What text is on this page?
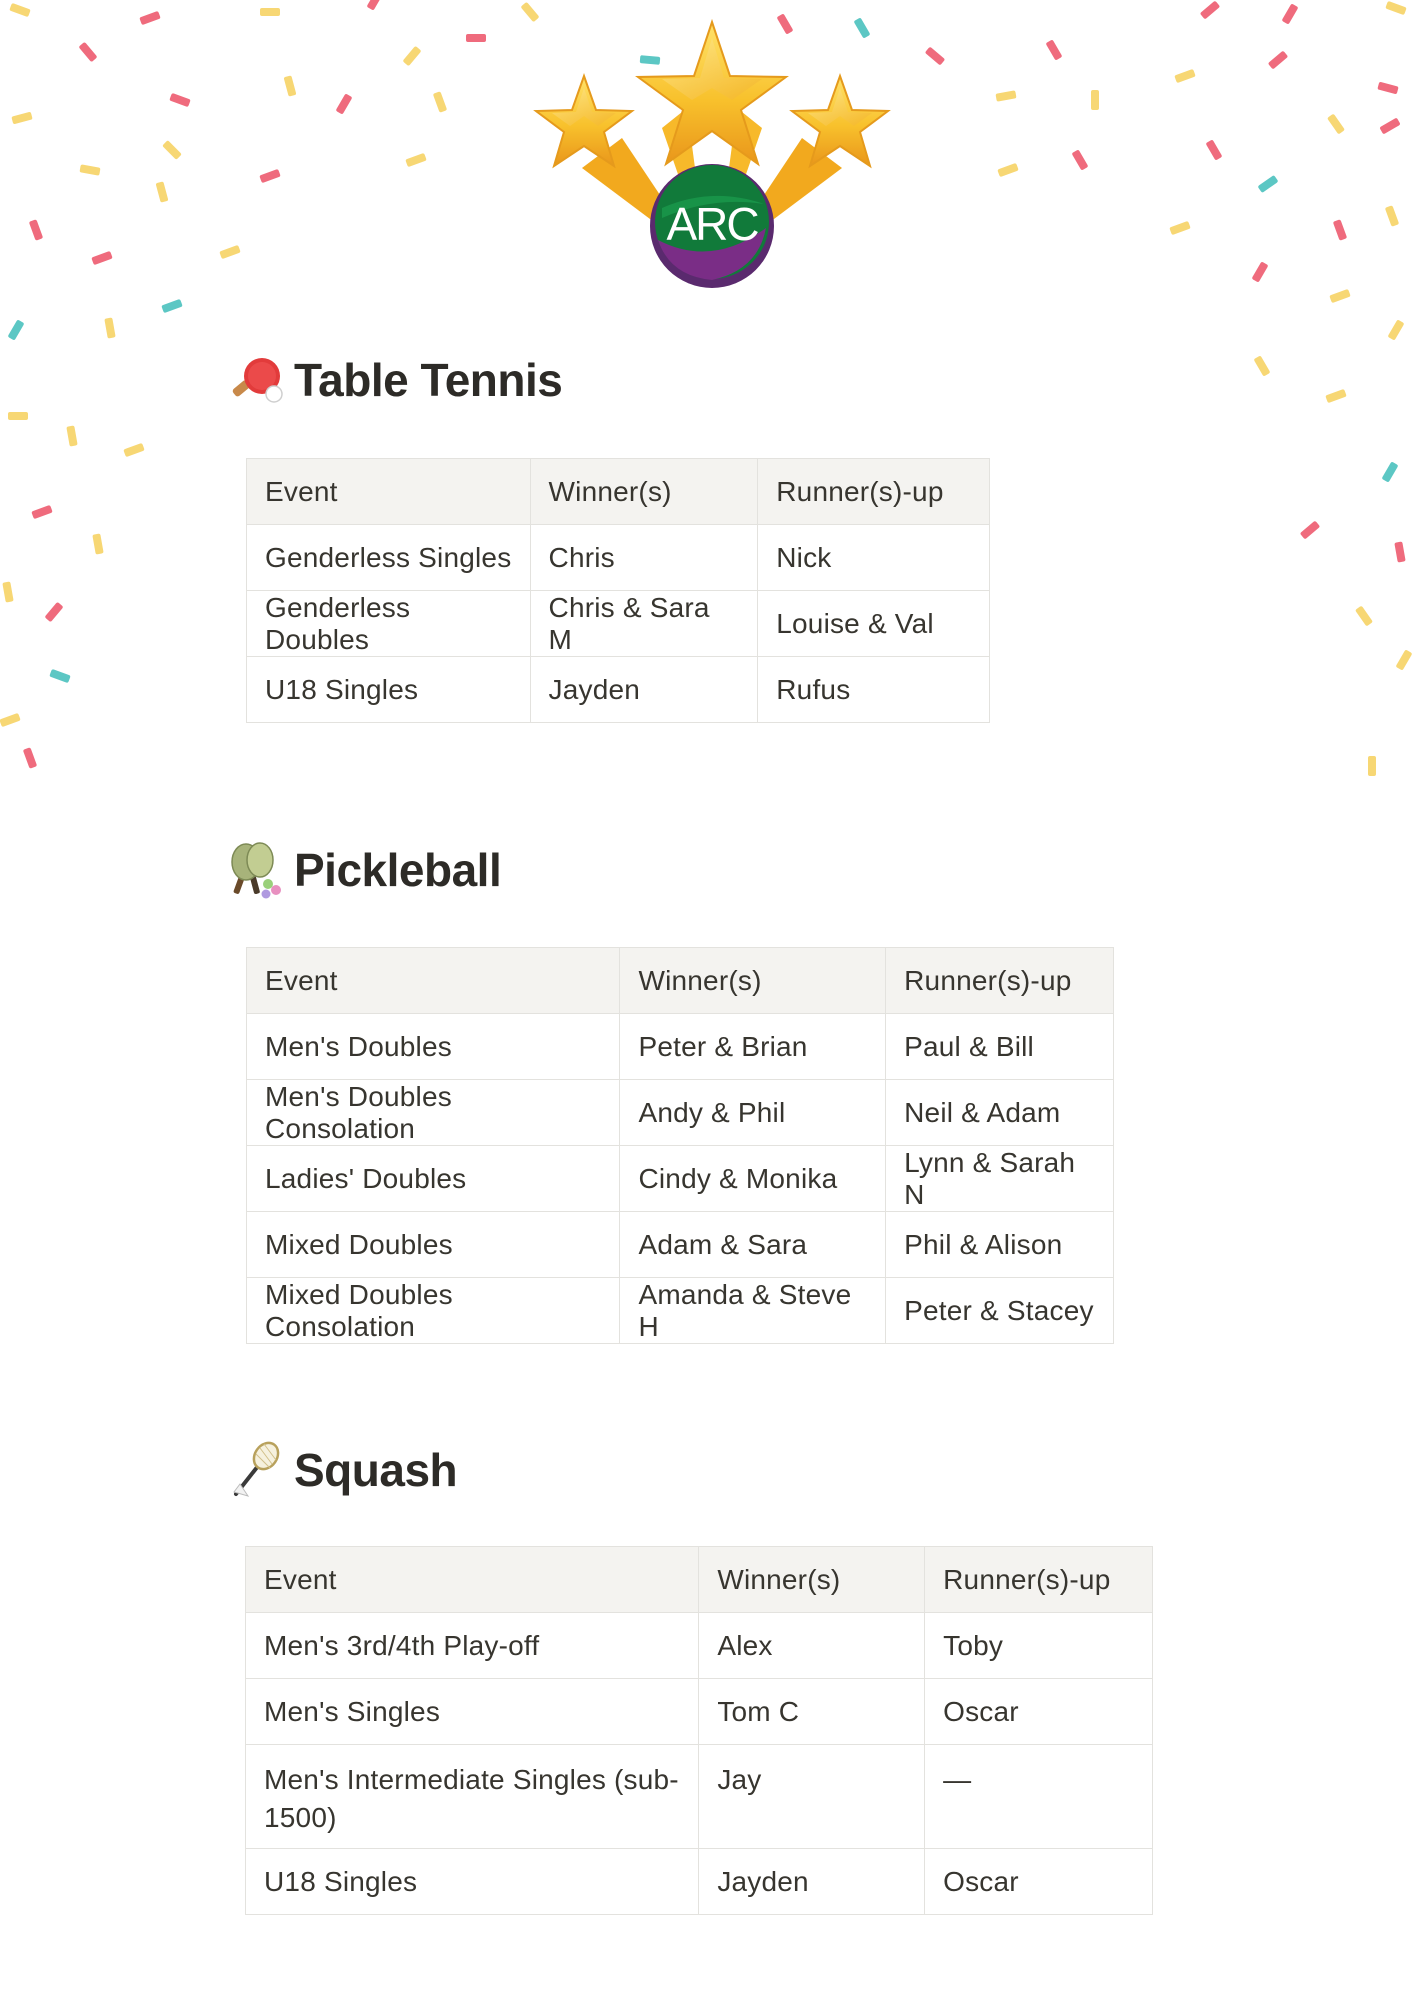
ARC
Table Tennis
Event	Winner(s)	Runner(s)-up
Genderless Singles	Chris	Nick
Genderless Doubles	Chris & Sara M	Louise & Val
U18 Singles	Jayden	Rufus
Pickleball
Event	Winner(s)	Runner(s)-up
Men's Doubles	Peter & Brian	Paul & Bill
Men's Doubles Consolation	Andy & Phil	Neil & Adam
Ladies' Doubles	Cindy & Monika	Lynn & Sarah N
Mixed Doubles	Adam & Sara	Phil & Alison
Mixed Doubles Consolation	Amanda & Steve H	Peter & Stacey
Squash
Event	Winner(s)	Runner(s)-up
Men's 3rd/4th Play-off	Alex	Toby
Men's Singles	Tom C	Oscar
Men's Intermediate Singles (sub-1500)	Jay	—
U18 Singles	Jayden	Oscar
